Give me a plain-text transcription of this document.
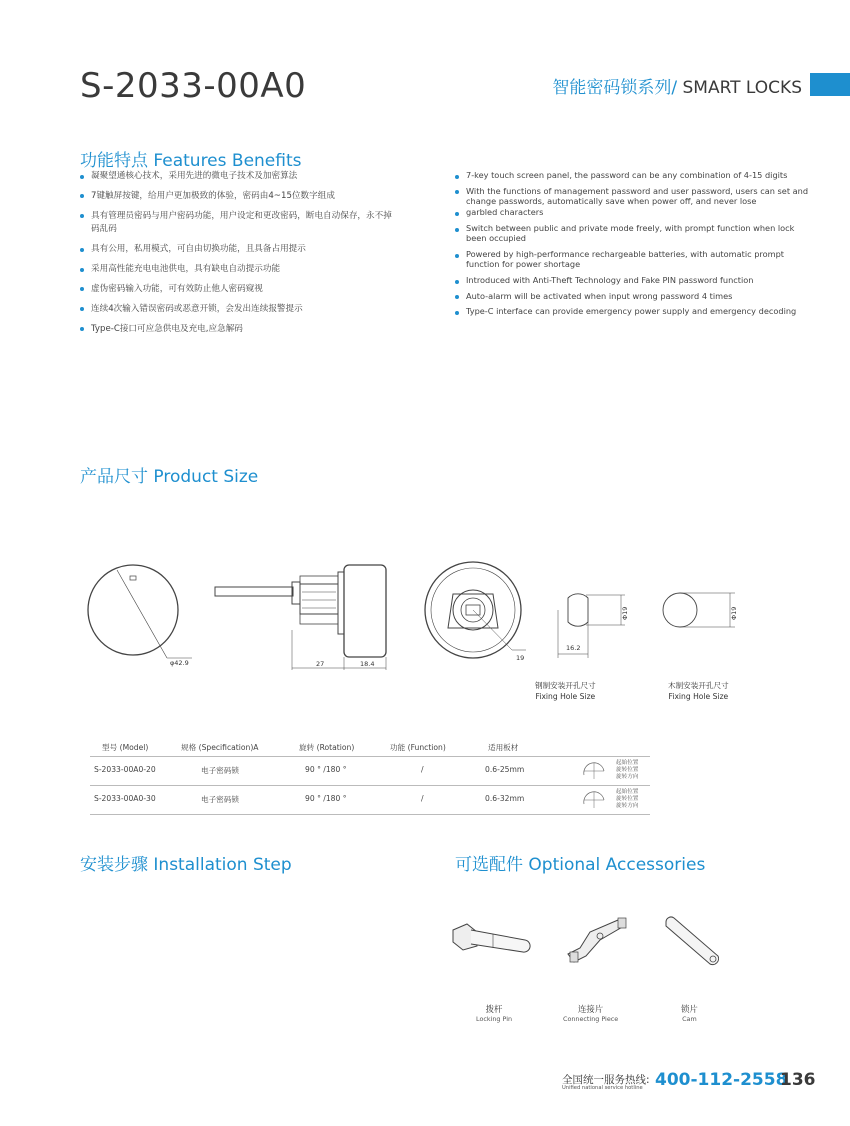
S-2033-00A0	智能密码锁系列/ SMART LOCKS
功能特点 Features Benefits
凝聚望通核心技术，采用先进的微电子技术及加密算法
7键触屏按键，给用户更加极致的体验，密码由4~15位数字组成
具有管理员密码与用户密码功能，用户设定和更改密码，断电自动保存，永不掉码乱码
具有公用，私用模式，可自由切换功能，且具备占用提示
采用高性能充电电池供电，具有缺电自动提示功能
虚伪密码输入功能，可有效防止他人密码窥视
连续4次输入错误密码或恶意开锁，会发出连续报警提示
Type-C接口可应急供电及充电,应急解码
7-key touch screen panel, the password can be any combination of 4-15 digits
With the functions of management password and user password, users can set and change passwords, automatically save when power off, and never lose
garbled characters
Switch between public and private mode freely, with prompt function when lock been occupied
Powered by high-performance rechargeable batteries, with automatic prompt function for power shortage
Introduced with Anti-Theft Technology and Fake PIN password function
Auto-alarm will be activated when input wrong password 4 times
Type-C interface can provide emergency power supply and emergency decoding
产品尺寸 Product Size
φ42.9	27	18.4
19
Φ19
16.2
Φ19
钢制安装开孔尺寸
Fixing Hole Size
木制安装开孔尺寸
Fixing Hole Size
型号 (Model)	规格 (Specification)A	旋转 (Rotation)	功能 (Function)	适用板材
S-2033-00A0-20	电子密码锁	90 ° /180 °	/	0.6-25mm
起始位置
旋转位置
旋转方向
S-2033-00A0-30	电子密码锁	90 ° /180 °	/	0.6-32mm
起始位置
旋转位置
旋转方向
安装步骤 Installation Step	可选配件 Optional Accessories
拨杆
Locking Pin
连接片
Connecting Piece
锁片
Cam
全国统一服务热线:
Unified national service hotline 400-112-2558
136
